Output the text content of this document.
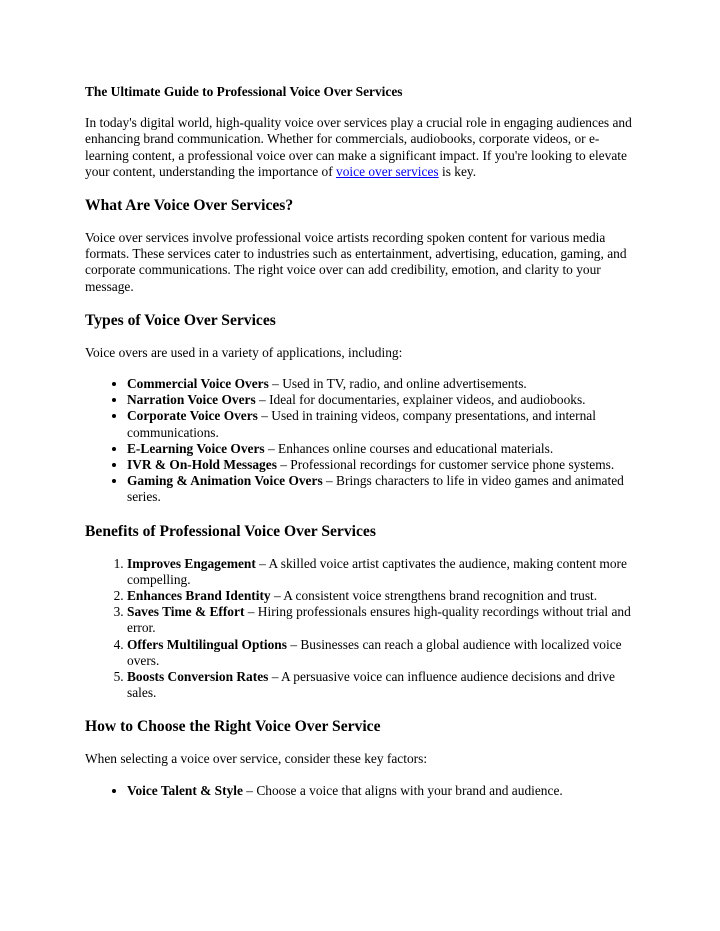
The Ultimate Guide to Professional Voice Over Services

In today's digital world, high-quality voice over services play a crucial role in engaging audiences and enhancing brand communication. Whether for commercials, audiobooks, corporate videos, or e-learning content, a professional voice over can make a significant impact. If you're looking to elevate your content, understanding the importance of voice over services is key.

What Are Voice Over Services?

Voice over services involve professional voice artists recording spoken content for various media formats. These services cater to industries such as entertainment, advertising, education, gaming, and corporate communications. The right voice over can add credibility, emotion, and clarity to your message.

Types of Voice Over Services

Voice overs are used in a variety of applications, including:

• Commercial Voice Overs – Used in TV, radio, and online advertisements.
• Narration Voice Overs – Ideal for documentaries, explainer videos, and audiobooks.
• Corporate Voice Overs – Used in training videos, company presentations, and internal communications.
• E-Learning Voice Overs – Enhances online courses and educational materials.
• IVR & On-Hold Messages – Professional recordings for customer service phone systems.
• Gaming & Animation Voice Overs – Brings characters to life in video games and animated series.
Benefits of Professional Voice Over Services
1. Improves Engagement – A skilled voice artist captivates the audience, making content more compelling.
2. Enhances Brand Identity – A consistent voice strengthens brand recognition and trust.
3. Saves Time & Effort – Hiring professionals ensures high-quality recordings without trial and error.
4. Offers Multilingual Options – Businesses can reach a global audience with localized voice overs.
5. Boosts Conversion Rates – A persuasive voice can influence audience decisions and drive sales.
How to Choose the Right Voice Over Service

When selecting a voice over service, consider these key factors:

• Voice Talent & Style – Choose a voice that aligns with your brand and audience.
